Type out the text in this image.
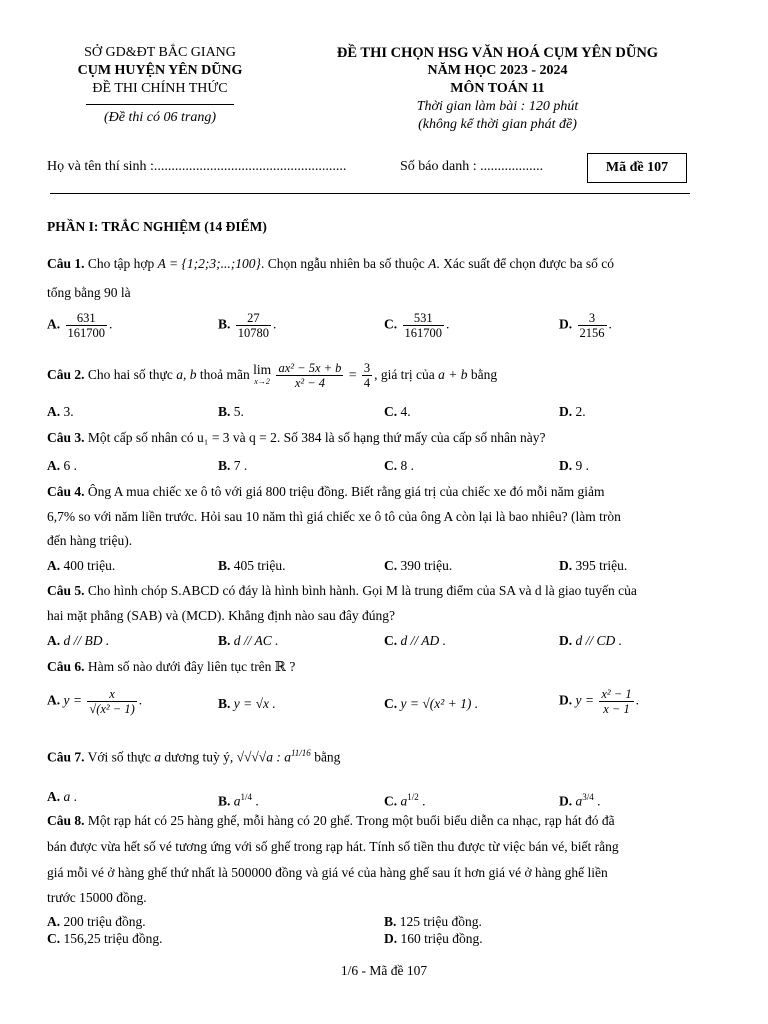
SỞ GD&ĐT BẮC GIANG
CỤM HUYỆN YÊN DŨNG
ĐỀ THI CHÍNH THỨC
(Đề thi có 06 trang)
ĐỀ THI CHỌN HSG VĂN HOÁ CỤM YÊN DŨNG
NĂM HỌC 2023 - 2024
MÔN TOÁN 11
Thời gian làm bài : 120 phút
(không kể thời gian phát đề)
Họ và tên thí sinh :.......................................................	Số báo danh : ..................	Mã đề 107
PHẦN I: TRẮC NGHIỆM (14 ĐIỂM)
Câu 1. Cho tập hợp A = {1;2;3;...;100}. Chọn ngẫu nhiên ba số thuộc A. Xác suất để chọn được ba số có
tổng bằng 90 là
A. $\frac{631}{161700}$ .	B. $\frac{27}{10780}$ .	C. $\frac{531}{161700}$ .	D. $\frac{3}{2156}$ .
Câu 2. Cho hai số thực a, b thoả mãn lim
x→2
$\frac{\text{ax² − 5x + b}}{\text{x² − 4}} = \frac{3}{4}$ , giá trị của a + b bằng
A. 3.	B. 5.	C. 4.	D. 2.
Câu 3. Một cấp số nhân có u₁ = 3 và q = 2. Số 384 là số hạng thứ mấy của cấp số nhân này?
A. 6 .	B. 7 .	C. 8 .	D. 9 .
Câu 4. Ông A mua chiếc xe ô tô với giá 800 triệu đồng. Biết rằng giá trị của chiếc xe đó mỗi năm giảm
6,7% so với năm liền trước. Hỏi sau 10 năm thì giá chiếc xe ô tô của ông A còn lại là bao nhiêu? (làm tròn
đến hàng triệu).
A. 400 triệu.	B. 405 triệu.	C. 390 triệu.	D. 395 triệu.
Câu 5. Cho hình chóp S.ABCD có đáy là hình bình hành. Gọi M là trung điểm của SA và d là giao tuyến của
hai mặt phẳng (SAB) và (MCD). Khẳng định nào sau đây đúng?
A. d // BD .	B. d // AC .	C. d // AD .	D. d // CD .
Câu 6. Hàm số nào dưới đây liên tục trên ℝ ?
A. $y = \frac{x}{\text{√(x² − 1)}}$ .	B. y = √x .	C. y = √(x² + 1) .	D. $y = \frac{\text{x² − 1}}{x - 1}$ .
Câu 7. Với số thực a dương tuỳ ý, √√√√a : $a^{11/16}$ bằng
A. a .	B. $a^{1/4}$ .	C. $a^{1/2}$ .	D. $a^{3/4}$ .
Câu 8. Một rạp hát có 25 hàng ghế, mỗi hàng có 20 ghế. Trong một buổi biểu diễn ca nhạc, rạp hát đó đã
bán được vừa hết số vé tương ứng với số ghế trong rạp hát. Tính số tiền thu được từ việc bán vé, biết rằng
giá mỗi vé ở hàng ghế thứ nhất là 500000 đồng và giá vé của hàng ghế sau ít hơn giá vé ở hàng ghế liền
trước 15000 đồng.
A. 200 triệu đồng.	B. 125 triệu đồng.
C. 156,25 triệu đồng.	D. 160 triệu đồng.
1/6 - Mã đề 107
